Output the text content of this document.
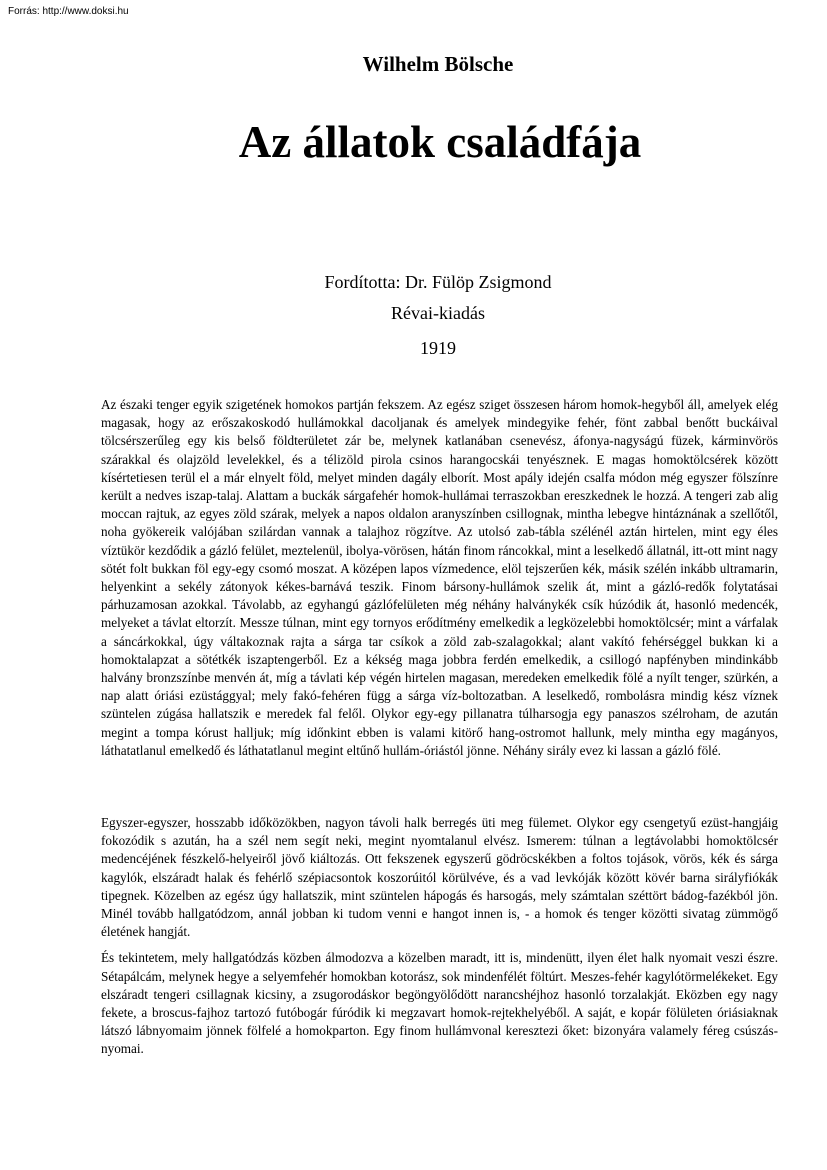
Forrás: http://www.doksi.hu
Wilhelm Bölsche
Az állatok családfája
Fordította: Dr. Fülöp Zsigmond
Révai-kiadás
1919

Az északi tenger egyik szigetének homokos partján fekszem. Az egész sziget összesen három homok-hegyből áll, amelyek elég magasak, hogy az erőszakoskodó hullámokkal dacoljanak és amelyek mindegyike fehér, fönt zabbal benőtt buckáival tölcsérszerűleg egy kis belső földterületet zár be, melynek katlanában csenevész, áfonya-nagyságú füzek, kárminvörös szárakkal és olajzöld levelekkel, és a télizöld pirola csinos harangocskái tenyésznek. E magas homoktölcsérek között kísértetiesen terül el a már elnyelt föld, melyet minden dagály elborít. Most apály idején csalfa módon még egyszer fölszínre került a nedves iszap-talaj. Alattam a buckák sárgafehér homok-hullámai terraszokban ereszkednek le hozzá. A tengeri zab alig moccan rajtuk, az egyes zöld szárak, melyek a napos oldalon aranyszínben csillognak, mintha lebegve hintáznának a szellőtől, noha gyökereik valójában szilárdan vannak a talajhoz rögzítve. Az utolsó zab-tábla szélénél aztán hirtelen, mint egy éles víztükör kezdődik a gázló felület, meztelenül, ibolya-vörösen, hátán finom ráncokkal, mint a leselkedő állatnál, itt-ott mint nagy sötét folt bukkan föl egy-egy csomó moszat. A középen lapos vízmedence, elöl tejszerűen kék, másik szélén inkább ultramarin, helyenkint a sekély zátonyok kékes-barnává teszik. Finom bársony-hullámok szelik át, mint a gázló-redők folytatásai párhuzamosan azokkal. Távolabb, az egyhangú gázlófelületen még néhány halványkék csík húzódik át, hasonló medencék, melyeket a távlat eltorzít. Messze túlnan, mint egy tornyos erődítmény emelkedik a legközelebbi homoktölcsér; mint a várfalak a sáncárkokkal, úgy váltakoznak rajta a sárga tar csíkok a zöld zab-szalagokkal; alant vakító fehérséggel bukkan ki a homoktalapzat a sötétkék iszaptengerből. Ez a kékség maga jobbra ferdén emelkedik, a csillogó napfényben mindinkább halvány bronzszínbe menvén át, míg a távlati kép végén hirtelen magasan, meredeken emelkedik fölé a nyílt tenger, szürkén, a nap alatt óriási ezüstággyal; mely fakó-fehéren függ a sárga víz-boltozatban. A leselkedő, rombolásra mindig kész víznek szüntelen zúgása hallatszik e meredek fal felől. Olykor egy-egy pillanatra túlharsogja egy panaszos szélroham, de azután megint a tompa kórust halljuk; míg időnkint ebben is valami kitörő hang-ostromot hallunk, mely mintha egy magányos, láthatatlanul emelkedő és láthatatlanul megint eltűnő hullám-óriástól jönne. Néhány sirály evez ki lassan a gázló fölé.

Egyszer-egyszer, hosszabb időközökben, nagyon távoli halk berregés üti meg fülemet. Olykor egy csengetyű ezüst-hangjáig fokozódik s azután, ha a szél nem segít neki, megint nyomtalanul elvész. Ismerem: túlnan a legtávolabbi homoktölcsér medencéjének fészkelő-helyeiről jövő kiáltozás. Ott fekszenek egyszerű gödröcskékben a foltos tojások, vörös, kék és sárga kagylók, elszáradt halak és fehérlő szépiacsontok koszorúitól körülvéve, és a vad levkóják között kövér barna sirályfiókák tipegnek. Közelben az egész úgy hallatszik, mint szüntelen hápogás és harsogás, mely számtalan széttört bádog-fazékból jön. Minél tovább hallgatódzom, annál jobban ki tudom venni e hangot innen is, - a homok és tenger közötti sivatag zümmögő életének hangját.

És tekintetem, mely hallgatódzás közben álmodozva a közelben maradt, itt is, mindenütt, ilyen élet halk nyomait veszi észre. Sétapálcám, melynek hegye a selyemfehér homokban kotorász, sok mindenfélét föltúrt. Meszes-fehér kagylótörmelékeket. Egy elszáradt tengeri csillagnak kicsiny, a zsugorodáskor begöngyölődött narancshéjhoz hasonló torzalakját. Eközben egy nagy fekete, a broscus-fajhoz tartozó futóbogár fúródik ki megzavart homok-rejtekhelyéből. A saját, e kopár fölületen óriásiaknak látszó lábnyomaim jönnek fölfelé a homokparton. Egy finom hullámvonal keresztezi őket: bizonyára valamely féreg csúszás-nyomai.
